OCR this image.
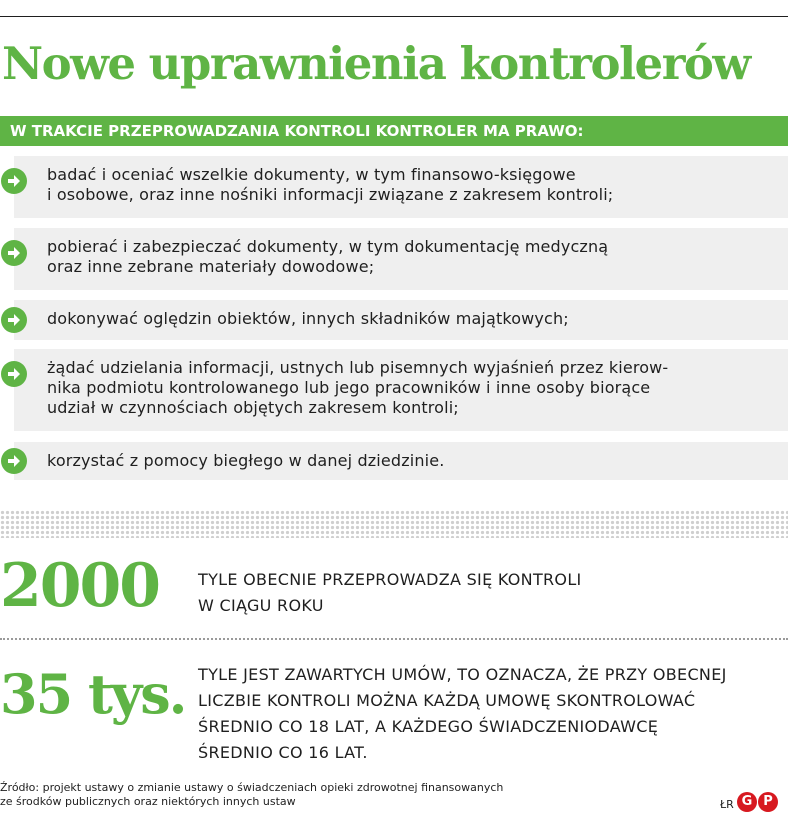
Nowe uprawnienia kontrolerów
W TRAKCIE PRZEPROWADZANIA KONTROLI KONTROLER MA PRAWO:
badać i oceniać wszelkie dokumenty, w tym finansowo-księgowe
i osobowe, oraz inne nośniki informacji związane z zakresem kontroli;
pobierać i zabezpieczać dokumenty, w tym dokumentację medyczną
oraz inne zebrane materiały dowodowe;
dokonywać oględzin obiektów, innych składników majątkowych;
żądać udzielania informacji, ustnych lub pisemnych wyjaśnień przez kierow-
nika podmiotu kontrolowanego lub jego pracowników i inne osoby biorące
udział w czynnościach objętych zakresem kontroli;
korzystać z pomocy biegłego w danej dziedzinie.
2000 TYLE OBECNIE PRZEPROWADZA SIĘ KONTROLI
W CIĄGU ROKU
35 tys. TYLE JEST ZAWARTYCH UMÓW, TO OZNACZA, ŻE PRZY OBECNEJ
LICZBIE KONTROLI MOŻNA KAŻDĄ UMOWĘ SKONTROLOWAĆ
ŚREDNIO CO 18 LAT, A KAŻDEGO ŚWIADCZENIODAWCĘ
ŚREDNIO CO 16 LAT.
Źródło: projekt ustawy o zmianie ustawy o świadczeniach opieki zdrowotnej finansowanych
ze środków publicznych oraz niektórych innych ustaw	ŁR G P
